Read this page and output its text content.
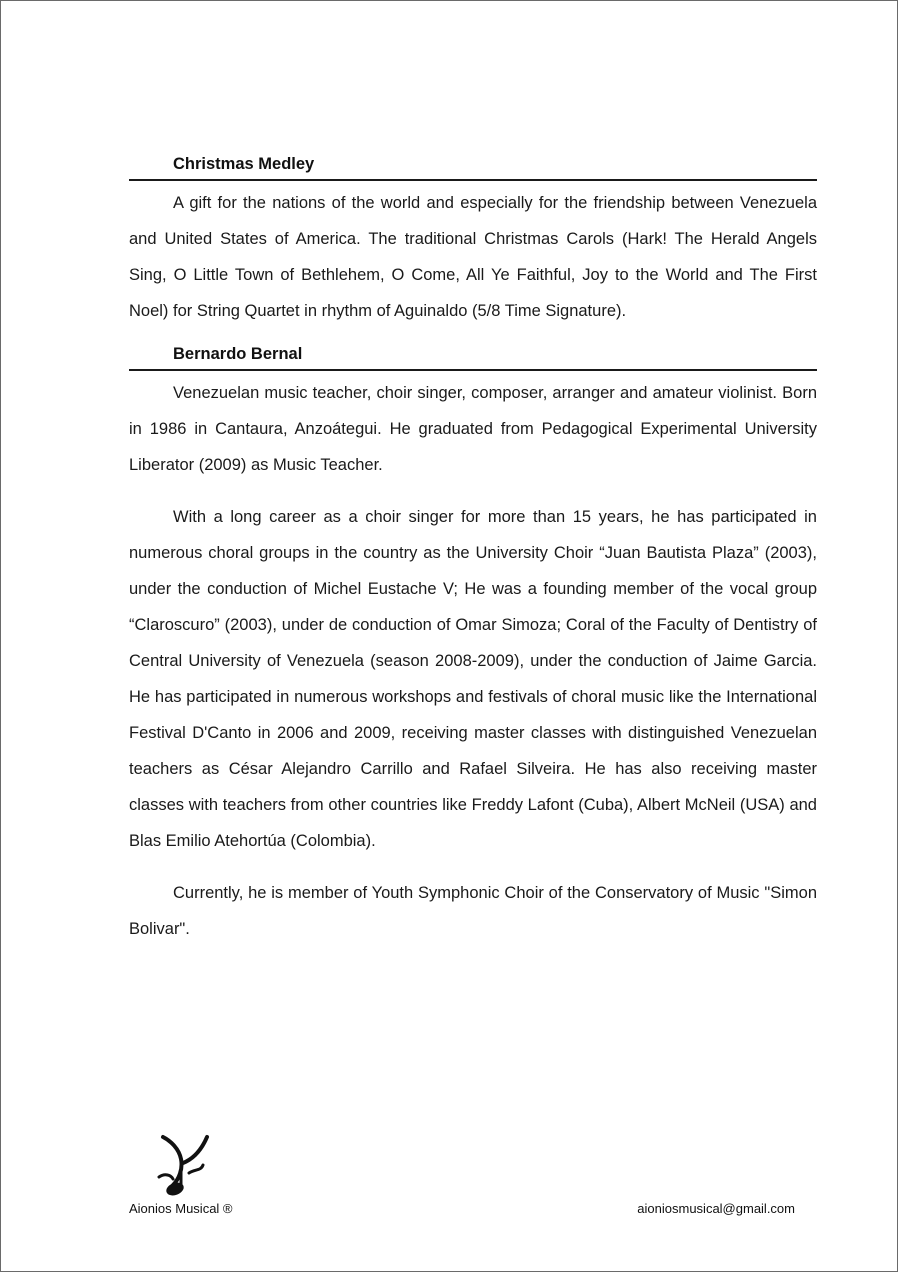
Christmas Medley

A gift for the nations of the world and especially for the friendship between Venezuela and United States of America. The traditional Christmas Carols (Hark! The Herald Angels Sing, O Little Town of Bethlehem, O Come, All Ye Faithful, Joy to the World and The First Noel) for String Quartet in rhythm of Aguinaldo (5/8 Time Signature).

Bernardo Bernal

Venezuelan music teacher, choir singer, composer, arranger and amateur violinist. Born in 1986 in Cantaura, Anzoátegui. He graduated from Pedagogical Experimental University Liberator (2009) as Music Teacher.

With a long career as a choir singer for more than 15 years, he has participated in numerous choral groups in the country as the University Choir “Juan Bautista Plaza” (2003), under the conduction of Michel Eustache V; He was a founding member of the vocal group “Claroscuro” (2003), under de conduction of Omar Simoza; Coral of the Faculty of Dentistry of Central University of Venezuela (season 2008-2009), under the conduction of Jaime Garcia. He has participated in numerous workshops and festivals of choral music like the International Festival D'Canto in 2006 and 2009, receiving master classes with distinguished Venezuelan teachers as César Alejandro Carrillo and Rafael Silveira. He has also receiving master classes with teachers from other countries like Freddy Lafont (Cuba), Albert McNeil (USA) and Blas Emilio Atehortúa (Colombia).

Currently, he is member of Youth Symphonic Choir of the Conservatory of Music "Simon Bolivar".

Aionios Musical ®	aioniosmusical@gmail.com
